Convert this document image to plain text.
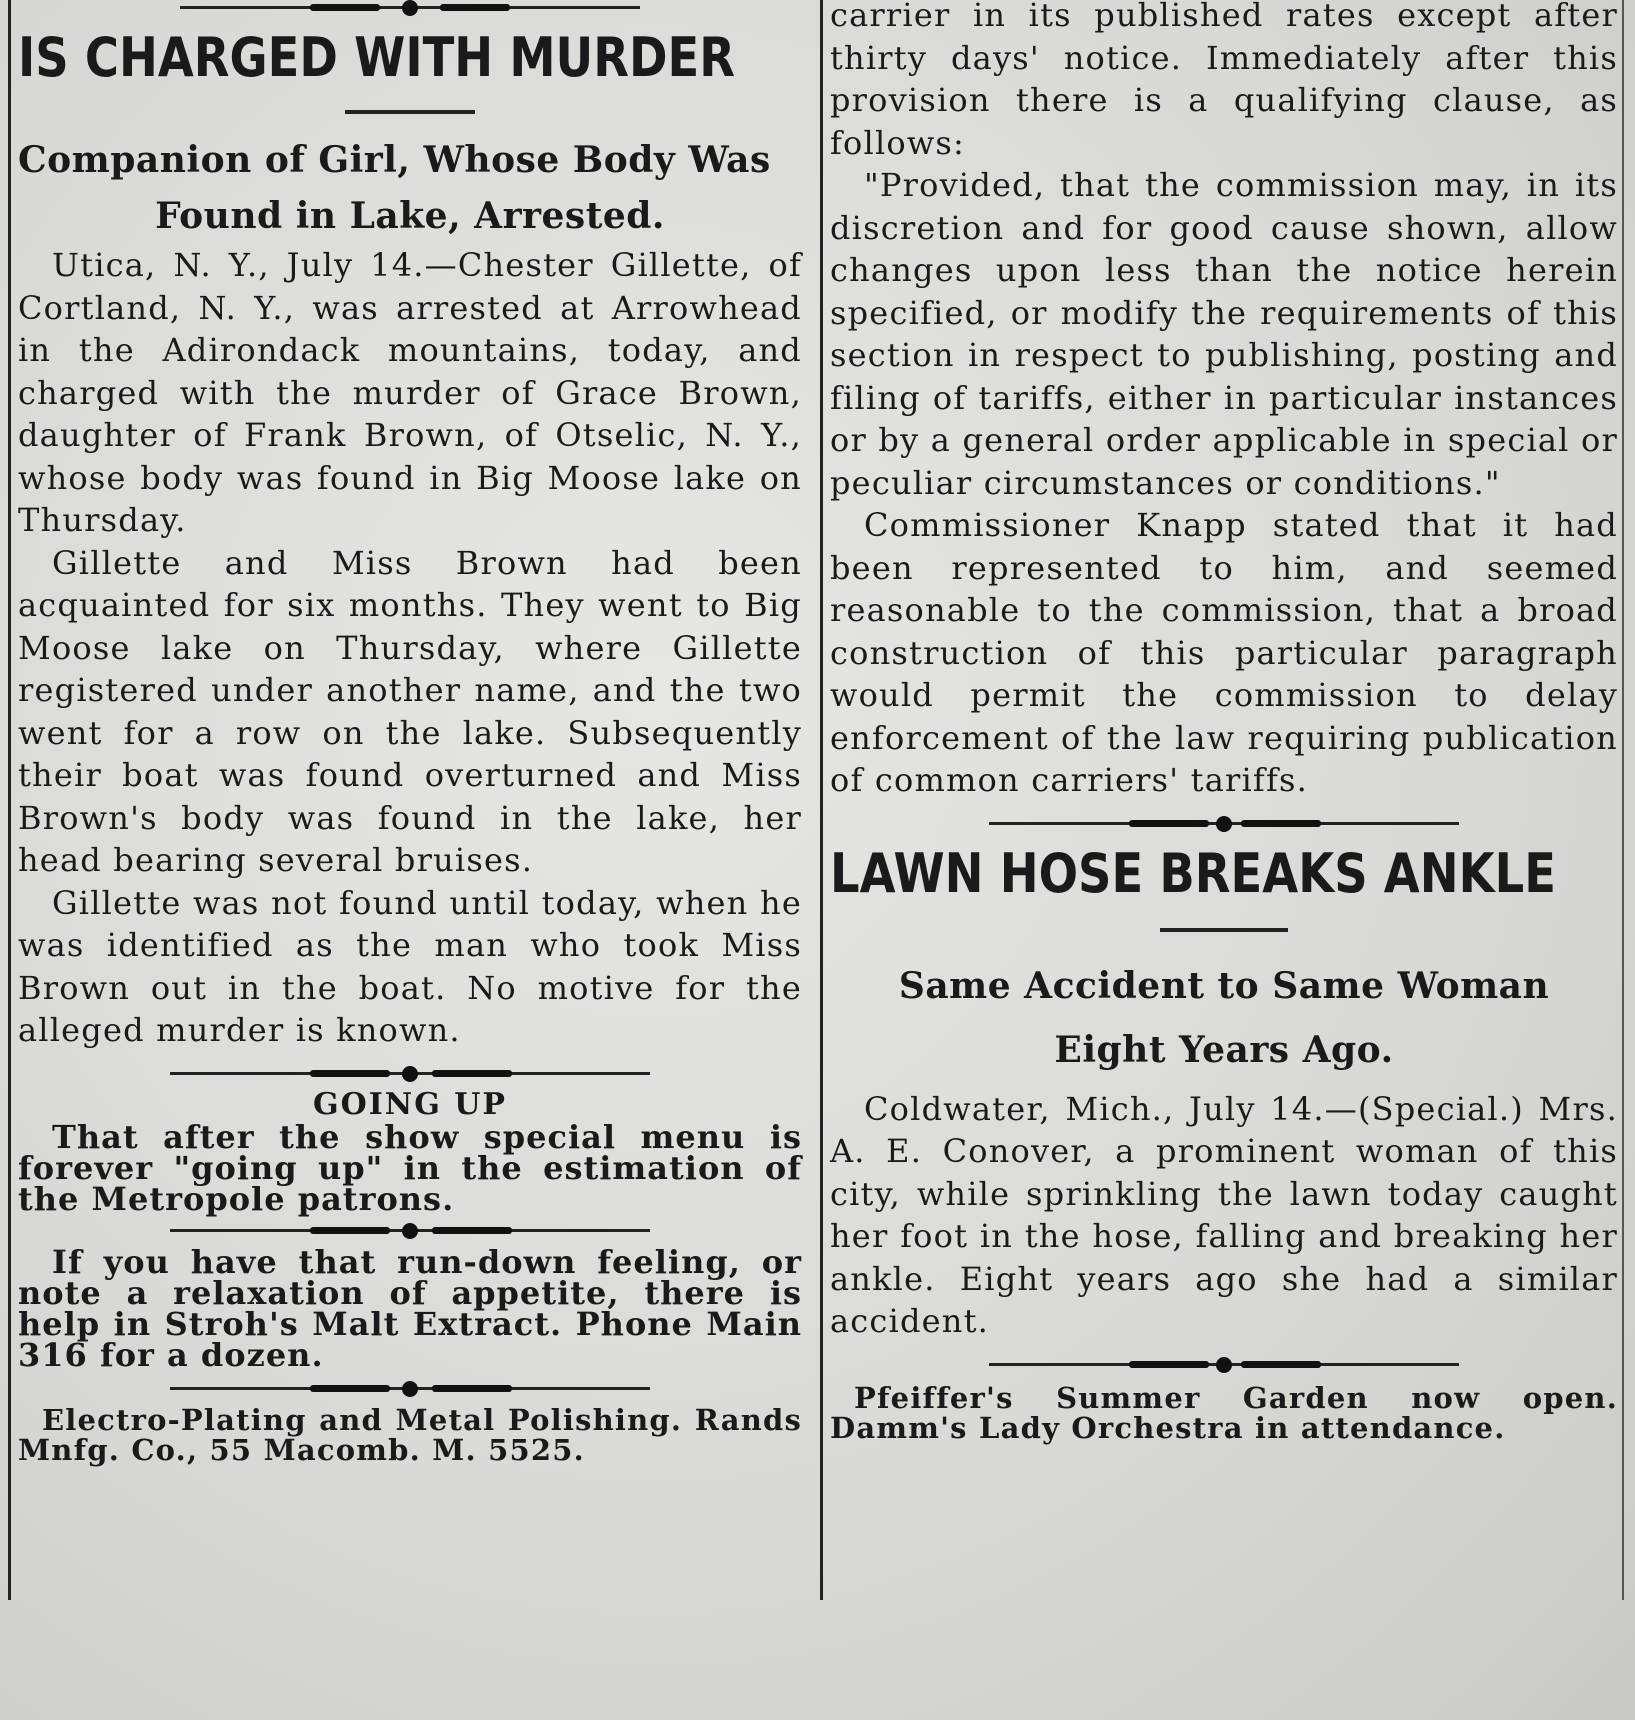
IS CHARGED WITH MURDER

Companion of Girl, Whose Body Was

Found in Lake, Arrested.

Utica, N. Y., July 14.—Chester Gillette, of Cortland, N. Y., was arrested at Arrowhead in the Adirondack mountains, today, and charged with the murder of Grace Brown, daughter of Frank Brown, of Otselic, N. Y., whose body was found in Big Moose lake on Thursday.

Gillette and Miss Brown had been acquainted for six months. They went to Big Moose lake on Thursday, where Gillette registered under another name, and the two went for a row on the lake. Subsequently their boat was found overturned and Miss Brown's body was found in the lake, her head bearing several bruises.

Gillette was not found until today, when he was identified as the man who took Miss Brown out in the boat. No motive for the alleged murder is known.

GOING UP

That after the show special menu is forever "going up" in the estimation of the Metropole patrons.

If you have that run-down feeling, or note a relaxation of appetite, there is help in Stroh's Malt Extract. Phone Main 316 for a dozen.

Electro-Plating and Metal Polishing. Rands Mnfg. Co., 55 Macomb. M. 5525.

carrier in its published rates except after thirty days' notice. Immediately after this provision there is a qualifying clause, as follows:

"Provided, that the commission may, in its discretion and for good cause shown, allow changes upon less than the notice herein specified, or modify the requirements of this section in respect to publishing, posting and filing of tariffs, either in particular instances or by a general order applicable in special or peculiar circumstances or conditions."

Commissioner Knapp stated that it had been represented to him, and seemed reasonable to the commission, that a broad construction of this particular paragraph would permit the commission to delay enforcement of the law requiring publication of common carriers' tariffs.

LAWN HOSE BREAKS ANKLE

Same Accident to Same Woman

Eight Years Ago.

Coldwater, Mich., July 14.—(Special.) Mrs. A. E. Conover, a prominent woman of this city, while sprinkling the lawn today caught her foot in the hose, falling and breaking her ankle. Eight years ago she had a similar accident.

Pfeiffer's Summer Garden now open. Damm's Lady Orchestra in attendance.
